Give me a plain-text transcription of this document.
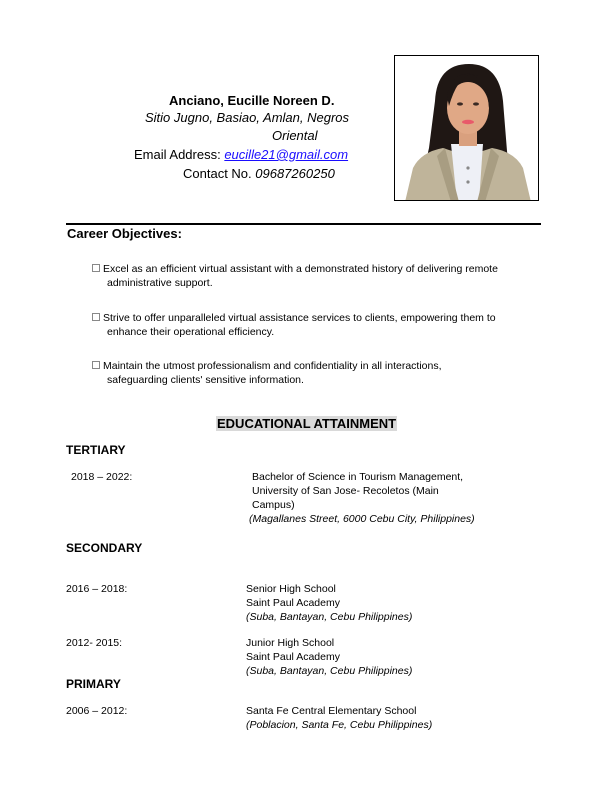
Anciano, Eucille Noreen D.
Sitio Jugno, Basiao, Amlan, Negros
Oriental
Email Address: eucille21@gmail.com
Contact No. 09687260250
Career Objectives:
Excel as an efficient virtual assistant with a demonstrated history of delivering remote
administrative support.
Strive to offer unparalleled virtual assistance services to clients, empowering them to
enhance their operational efficiency.
Maintain the utmost professionalism and confidentiality in all interactions,
safeguarding clients' sensitive information.
EDUCATIONAL ATTAINMENT
TERTIARY
2018 – 2022:	Bachelor of Science in Tourism Management,
University of San Jose- Recoletos (Main
Campus)
(Magallanes Street, 6000 Cebu City, Philippines)
SECONDARY
2016 – 2018:	Senior High School
Saint Paul Academy
(Suba, Bantayan, Cebu Philippines)
2012- 2015:	Junior High School
Saint Paul Academy
(Suba, Bantayan, Cebu Philippines)
PRIMARY
2006 – 2012:	Santa Fe Central Elementary School
(Poblacion, Santa Fe, Cebu Philippines)
